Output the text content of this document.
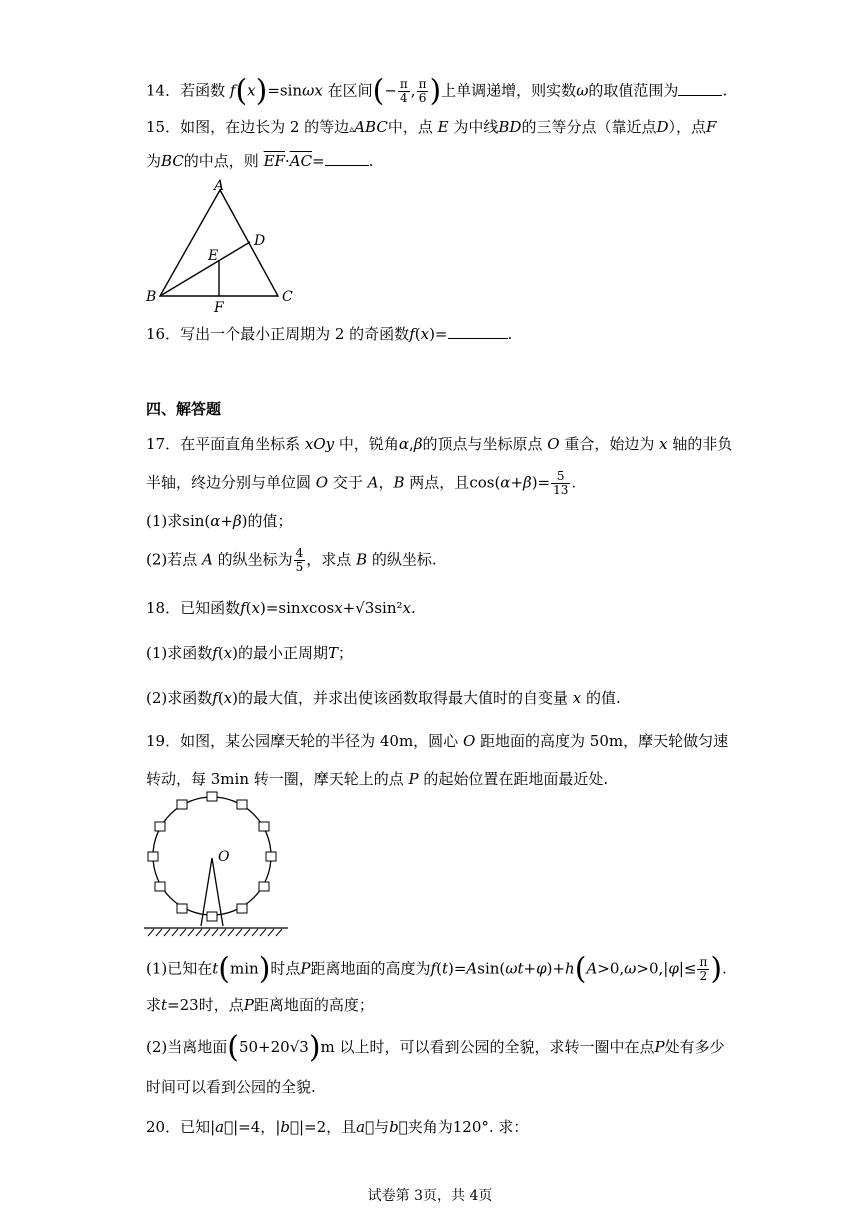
14．若函数 f(x)=sinωx 在区间(− $\frac{\pi}{4}$ , $\frac{\pi}{6}$ )上单调递增，则实数ω的取值范围为	.
15．如图，在边长为 2 的等边▵ABC中，点 E 为中线BD的三等分点（靠近点D），点F
为BC的中点，则 $\overline{EF}\cdot\overline{AC}=$	.
A
D
E
B	C
F
16．写出一个最小正周期为 2 的奇函数f(x)=	.
四、解答题
17．在平面直角坐标系 xOy 中，锐角α,β的顶点与坐标原点 O 重合，始边为 x 轴的非负
半轴，终边分别与单位圆 O 交于 A，B 两点，且$\cos(\alpha+\beta)= \frac{5}{13}$ .
(1)求sin(α+β)的值；
(2)若点 A 的纵坐标为 $\frac{4}{5}$ ，求点 B 的纵坐标.
18．已知函数f(x)=sinxcosx+√3sin²x.
(1)求函数f(x)的最小正周期T；
(2)求函数f(x)的最大值，并求出使该函数取得最大值时的自变量 x 的值.
19．如图，某公园摩天轮的半径为 40m，圆心 O 距地面的高度为 50m，摩天轮做匀速
转动，每 3min 转一圈，摩天轮上的点 P 的起始位置在距地面最近处.
O
(1)已知在t(min)时点P距离地面的高度为$f(t)=Asin(\omega t+\varphi)+h(A>0,\omega>0,|\varphi|\le \frac{\pi}{2}$ ).
求t=23时，点P距离地面的高度；
(2)当离地面(50+20√3)m 以上时，可以看到公园的全貌，求转一圈中在点P处有多少
时间可以看到公园的全貌.
20．已知|a⃗|=4，|b⃗|=2，且a⃗与b⃗夹角为120°. 求：
试卷第 3页，共 4页
